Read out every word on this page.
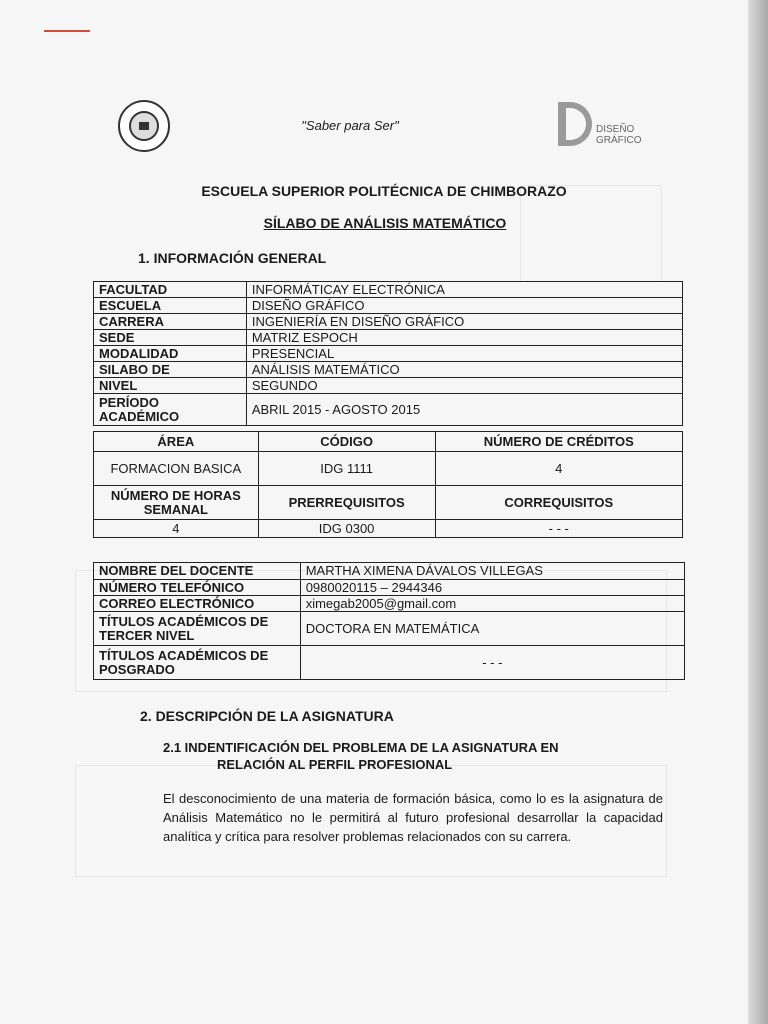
"Saber para Ser"	DISEÑO GRÁFICO
ESCUELA SUPERIOR POLITÉCNICA DE CHIMBORAZO
SÍLABO DE ANÁLISIS MATEMÁTICO
1. INFORMACIÓN GENERAL
FACULTAD	INFORMÁTICAY ELECTRÓNICA
ESCUELA	DISEÑO GRÁFICO
CARRERA	INGENIERÍA EN DISEÑO GRÁFICO
SEDE	MATRIZ ESPOCH
MODALIDAD	PRESENCIAL
SILABO DE	ANÁLISIS MATEMÁTICO
NIVEL	SEGUNDO
PERÍODO ACADÉMICO	ABRIL 2015 - AGOSTO 2015
ÁREA	CÓDIGO	NÚMERO DE CRÉDITOS
FORMACION BASICA	IDG 1111	4
NÚMERO DE HORAS SEMANAL	PRERREQUISITOS	CORREQUISITOS
4	IDG 0300	- - -
NOMBRE DEL DOCENTE	MARTHA XIMENA DÁVALOS VILLEGAS
NÚMERO TELEFÓNICO	0980020115 – 2944346
CORREO ELECTRÓNICO	ximegab2005@gmail.com
TÍTULOS ACADÉMICOS DE TERCER NIVEL	DOCTORA EN MATEMÁTICA
TÍTULOS ACADÉMICOS DE POSGRADO	- - -
2. DESCRIPCIÓN DE LA ASIGNATURA
2.1 INDENTIFICACIÓN DEL PROBLEMA DE LA ASIGNATURA EN
RELACIÓN AL PERFIL PROFESIONAL
El desconocimiento de una materia de formación básica, como lo es la asignatura de Análisis Matemático no le permitirá al futuro profesional desarrollar la capacidad analítica y crítica para resolver problemas relacionados con su carrera.
